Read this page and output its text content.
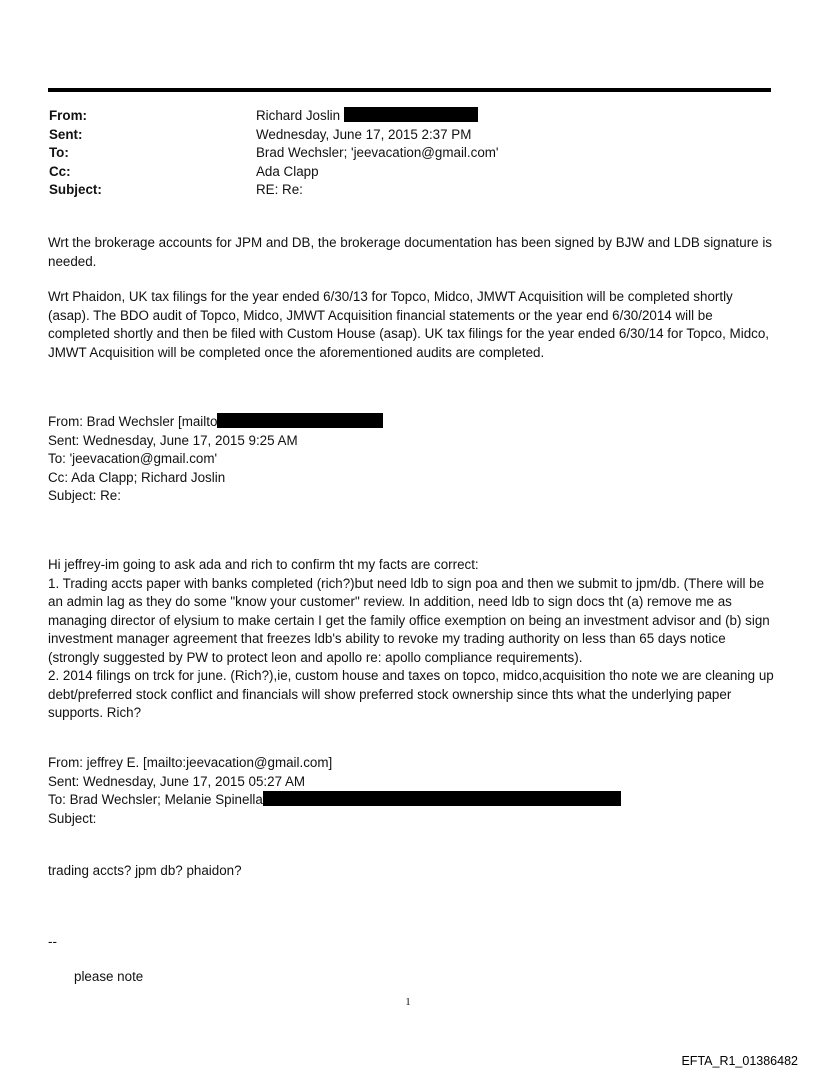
From:	Richard Joslin
Sent:	Wednesday, June 17, 2015 2:37 PM
To:	Brad Wechsler; 'jeevacation@gmail.com'
Cc:	Ada Clapp
Subject:	RE: Re:

Wrt the brokerage accounts for JPM and DB, the brokerage documentation has been signed by BJW and LDB signature is needed.

Wrt Phaidon, UK tax filings for the year ended 6/30/13 for Topco, Midco, JMWT Acquisition will be completed shortly (asap). The BDO audit of Topco, Midco, JMWT Acquisition financial statements or the year end 6/30/2014 will be completed shortly and then be filed with Custom House (asap). UK tax filings for the year ended 6/30/14 for Topco, Midco, JMWT Acquisition will be completed once the aforementioned audits are completed.

From: Brad Wechsler [mailto
Sent: Wednesday, June 17, 2015 9:25 AM
To: 'jeevacation@gmail.com'
Cc: Ada Clapp; Richard Joslin
Subject: Re:

Hi jeffrey-im going to ask ada and rich to confirm tht my facts are correct:

1. Trading accts paper with banks completed (rich?)but need ldb to sign poa and then we submit to jpm/db. (There will be an admin lag as they do some "know your customer" review. In addition, need ldb to sign docs tht (a) remove me as managing director of elysium to make certain I get the family office exemption on being an investment advisor and (b) sign investment manager agreement that freezes ldb's ability to revoke my trading authority on less than 65 days notice (strongly suggested by PW to protect leon and apollo re: apollo compliance requirements).

2. 2014 filings on trck for june. (Rich?),ie, custom house and taxes on topco, midco,acquisition tho note we are cleaning up debt/preferred stock conflict and financials will show preferred stock ownership since thts what the underlying paper supports. Rich?

From: jeffrey E. [mailto:jeevacation@gmail.com]
Sent: Wednesday, June 17, 2015 05:27 AM
To: Brad Wechsler; Melanie Spinella
Subject:

trading accts? jpm db? phaidon?

--

please note

1
EFTA_R1_01386482
